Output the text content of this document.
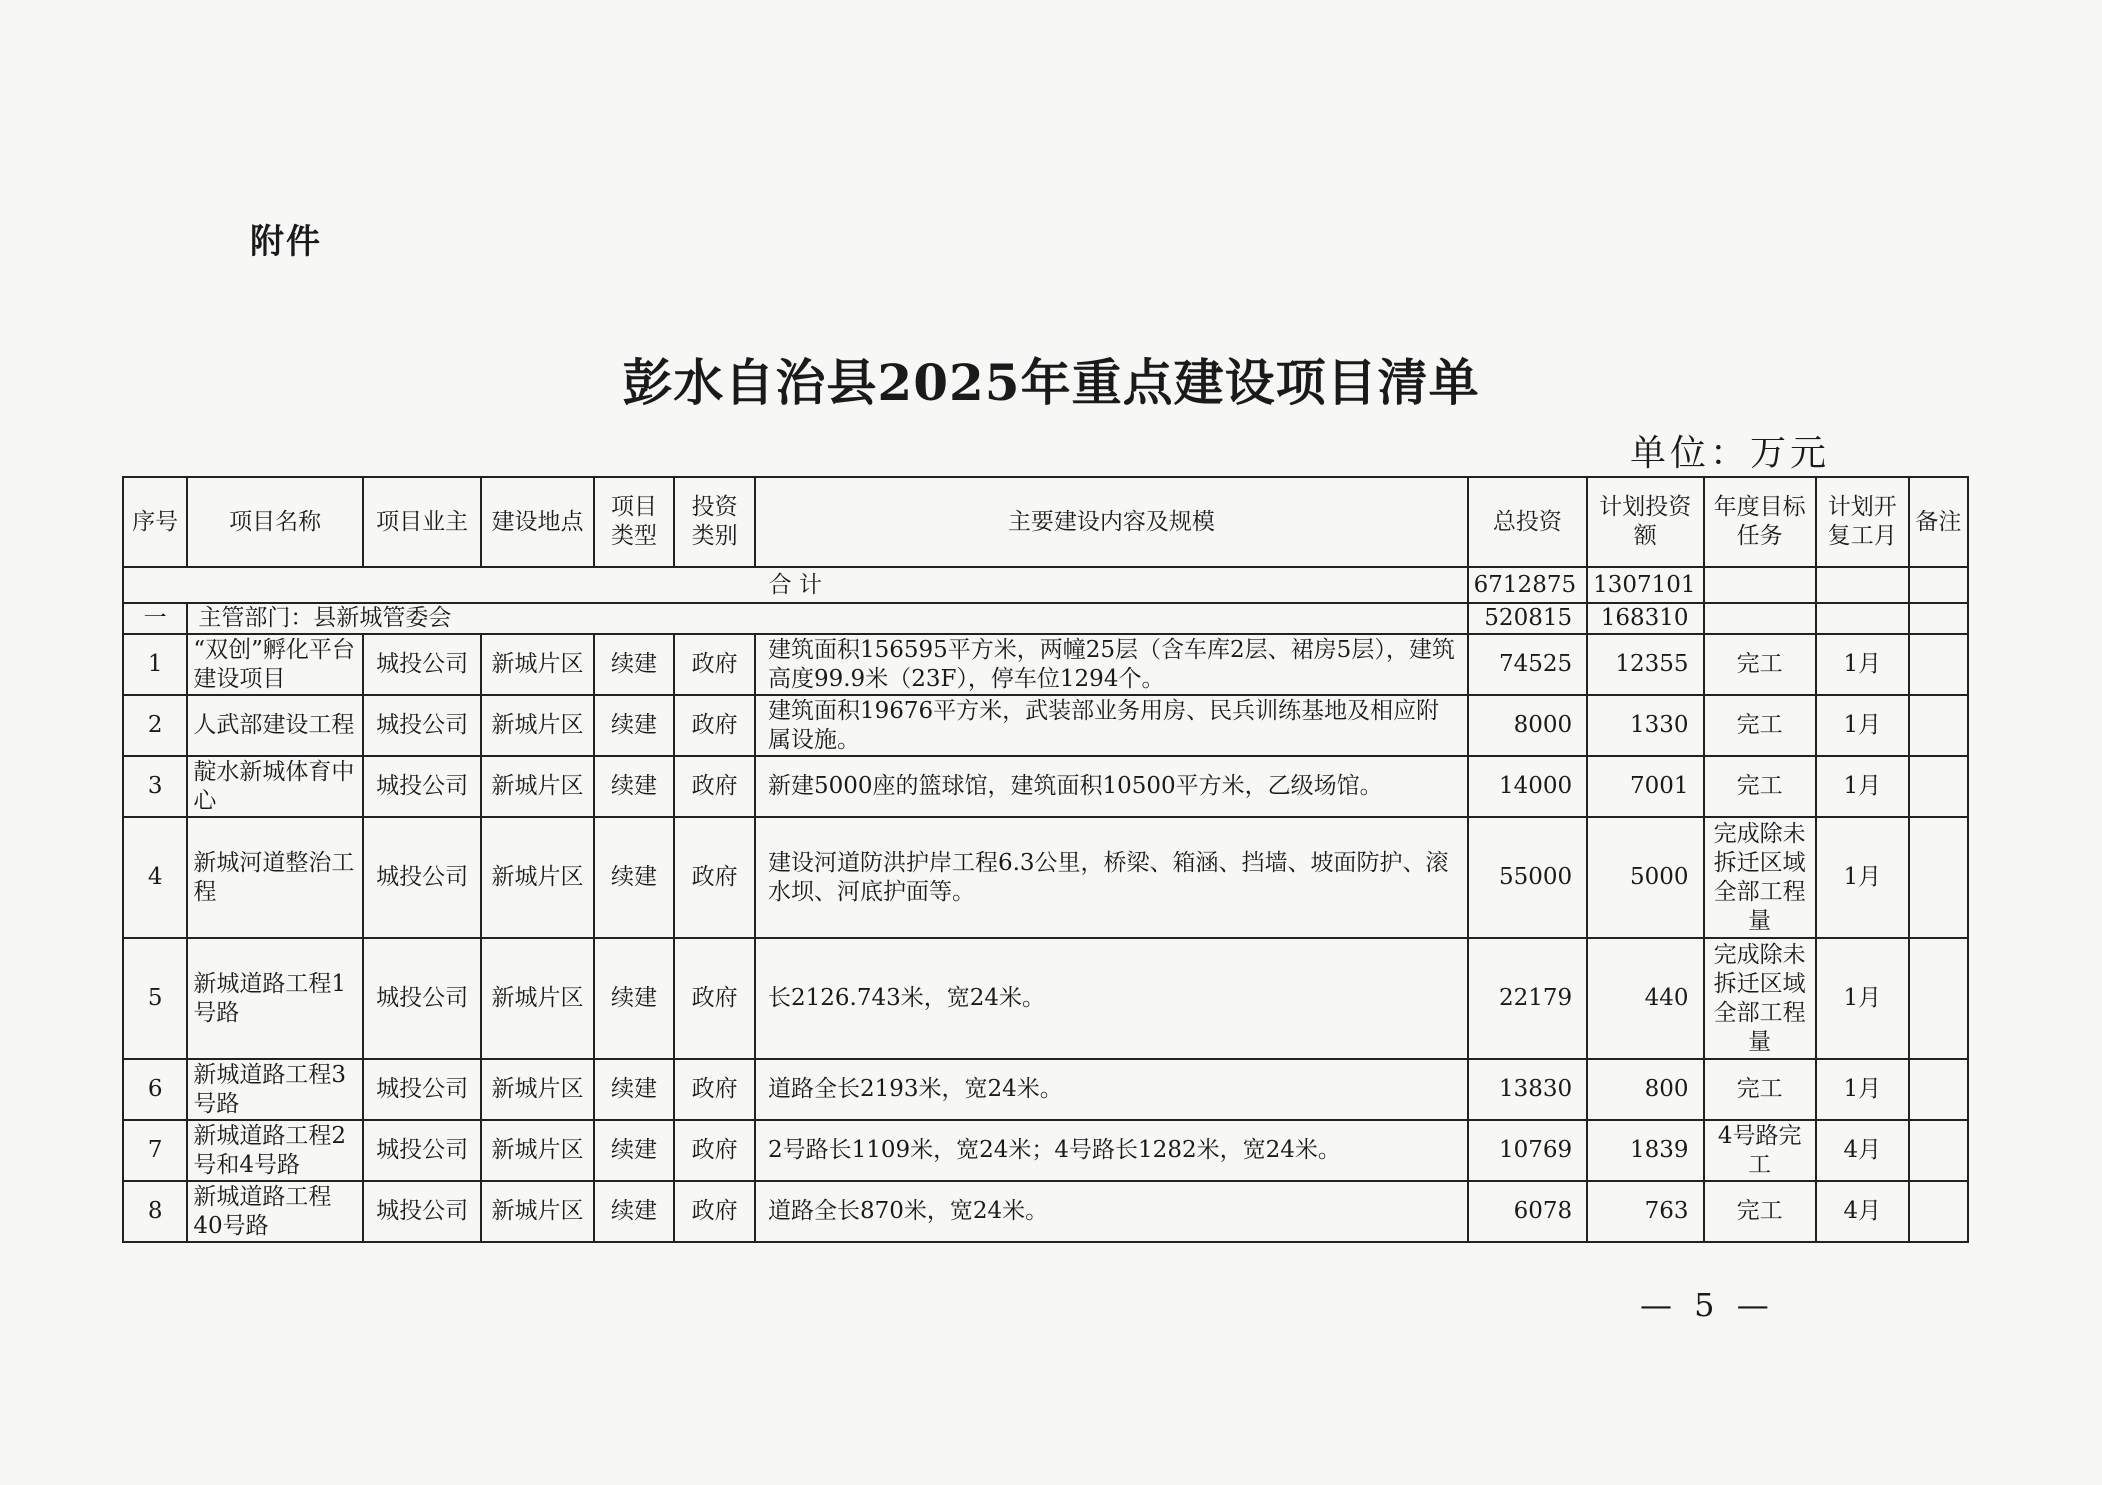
附件
彭水自治县2025年重点建设项目清单
单位：万元
序号	项目名称	项目业主	建设地点	项目类型	投资类别	主要建设内容及规模	总投资	计划投资额	年度目标任务	计划开复工月	备注
合 计							6712875	1307101			
一	主管部门：县新城管委会						520815	168310			
1	“双创”孵化平台建设项目	城投公司	新城片区	续建	政府	建筑面积156595平方米，两幢25层（含车库2层、裙房5层），建筑高度99.9米（23F），停车位1294个。	74525	12355	完工	1月	
2	人武部建设工程	城投公司	新城片区	续建	政府	建筑面积19676平方米，武装部业务用房、民兵训练基地及相应附属设施。	8000	1330	完工	1月	
3	靛水新城体育中心	城投公司	新城片区	续建	政府	新建5000座的篮球馆，建筑面积10500平方米，乙级场馆。	14000	7001	完工	1月	
4	新城河道整治工程	城投公司	新城片区	续建	政府	建设河道防洪护岸工程6.3公里，桥梁、箱涵、挡墙、坡面防护、滚水坝、河底护面等。	55000	5000	完成除未拆迁区域全部工程量	1月	
5	新城道路工程1号路	城投公司	新城片区	续建	政府	长2126.743米，宽24米。	22179	440	完成除未拆迁区域全部工程量	1月	
6	新城道路工程3号路	城投公司	新城片区	续建	政府	道路全长2193米，宽24米。	13830	800	完工	1月	
7	新城道路工程2号和4号路	城投公司	新城片区	续建	政府	2号路长1109米，宽24米；4号路长1282米，宽24米。	10769	1839	4号路完工	4月	
8	新城道路工程40号路	城投公司	新城片区	续建	政府	道路全长870米，宽24米。	6078	763	完工	4月	
— 5 —
